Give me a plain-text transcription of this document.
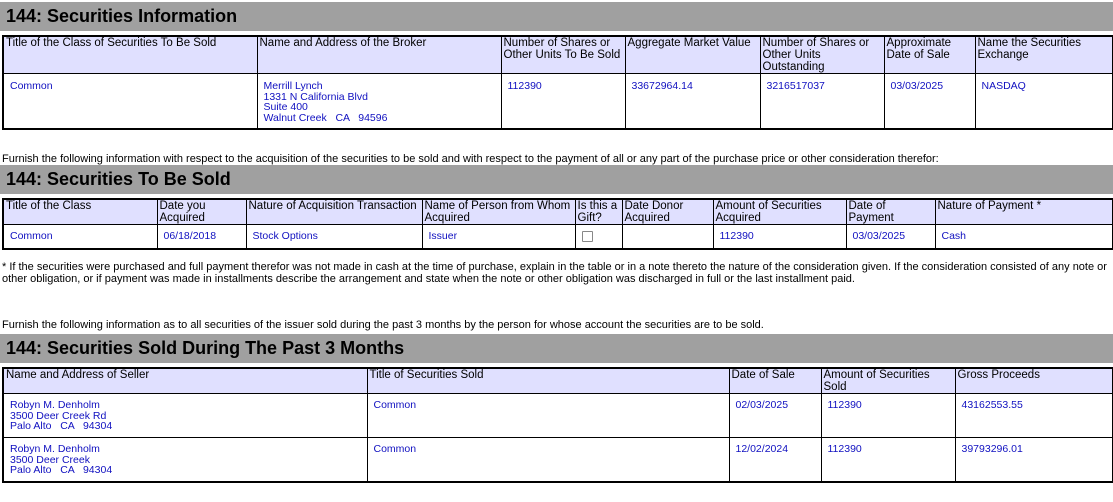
144: Securities Information
Title of the Class of Securities To Be Sold	Name and Address of the Broker	Number of Shares or Other Units To Be Sold	Aggregate Market Value	Number of Shares or Other Units Outstanding	Approximate Date of Sale	Name the Securities Exchange
Common	Merrill Lynch
1331 N California Blvd
Suite 400
Walnut Creek   CA   94596	112390	33672964.14	3216517037	03/03/2025	NASDAQ
Furnish the following information with respect to the acquisition of the securities to be sold and with respect to the payment of all or any part of the purchase price or other consideration therefor:
144: Securities To Be Sold
Title of the Class	Date you Acquired	Nature of Acquisition Transaction	Name of Person from Whom Acquired	Is this a Gift?	Date Donor Acquired	Amount of Securities Acquired	Date of Payment	Nature of Payment *
Common	06/18/2018	Stock Options	Issuer			112390	03/03/2025	Cash
* If the securities were purchased and full payment therefor was not made in cash at the time of purchase, explain in the table or in a note thereto the nature of the consideration given. If the consideration consisted of any note or other obligation, or if payment was made in installments describe the arrangement and state when the note or other obligation was discharged in full or the last installment paid.
Furnish the following information as to all securities of the issuer sold during the past 3 months by the person for whose account the securities are to be sold.
144: Securities Sold During The Past 3 Months
Name and Address of Seller	Title of Securities Sold	Date of Sale	Amount of Securities Sold	Gross Proceeds

Robyn M. Denholm
3500 Deer Creek Rd
Palo Alto   CA   94304	Common	02/03/2025	112390	43162553.55

Robyn M. Denholm
3500 Deer Creek
Palo Alto   CA   94304	Common	12/02/2024	112390	39793296.01
